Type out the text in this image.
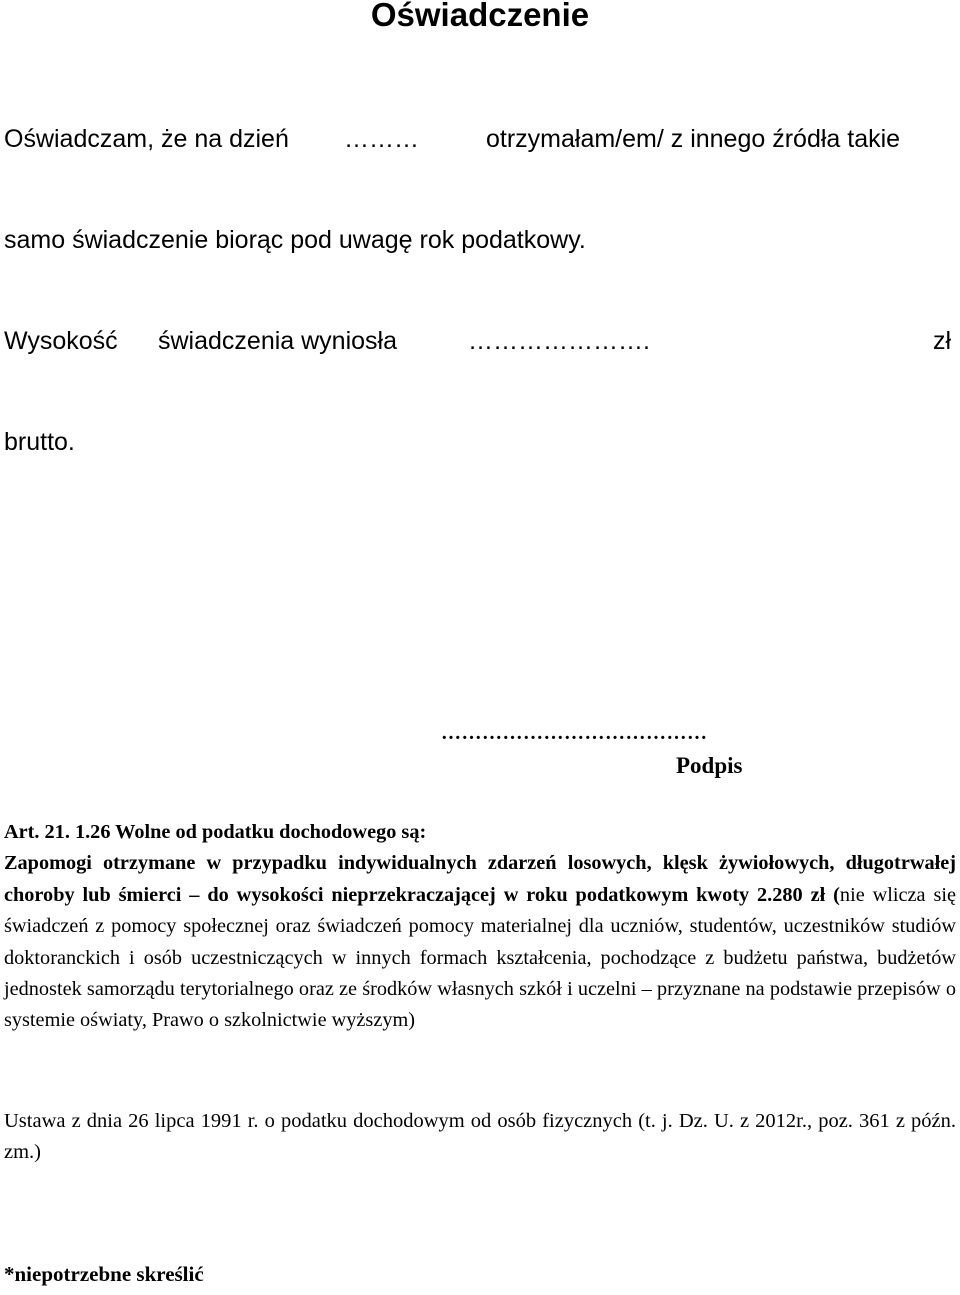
Oświadczenie
Oświadczam, że na dzień ………	otrzymałam/em/ z innego źródła takie
samo świadczenie biorąc pod uwagę rok podatkowy.
Wysokość świadczenia wyniosła	………………….	zł
brutto.
…………………………………
Podpis
Art. 21. 1.26 Wolne od podatku dochodowego są:
Zapomogi otrzymane w przypadku indywidualnych zdarzeń losowych, klęsk żywiołowych, długotrwałej choroby lub śmierci – do wysokości nieprzekraczającej w roku podatkowym kwoty 2.280 zł (nie wlicza się świadczeń z pomocy społecznej oraz świadczeń pomocy materialnej dla uczniów, studentów, uczestników studiów doktoranckich i osób uczestniczących w innych formach kształcenia, pochodzące z budżetu państwa, budżetów jednostek samorządu terytorialnego oraz ze środków własnych szkół i uczelni – przyznane na podstawie przepisów o systemie oświaty, Prawo o szkolnictwie wyższym)
Ustawa z dnia 26 lipca 1991 r. o podatku dochodowym od osób fizycznych (t. j. Dz. U. z 2012r., poz. 361 z późn. zm.)
*niepotrzebne skreślić
